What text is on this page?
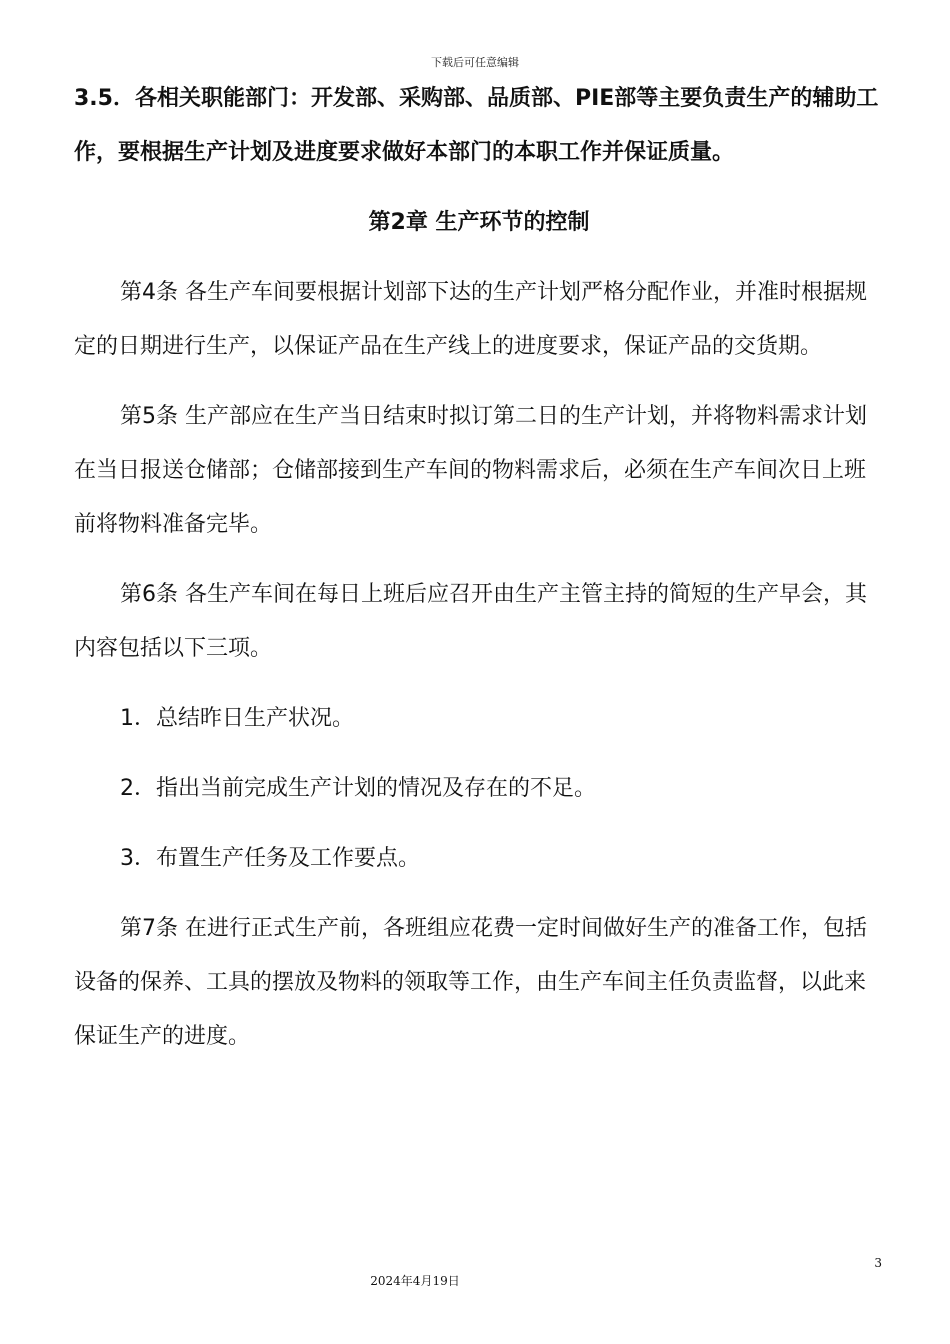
下载后可任意编辑

3.5．各相关职能部门：开发部、采购部、品质部、PIE部等主要负责生产的辅助工作，要根据生产计划及进度要求做好本部门的本职工作并保证质量。

第2章 生产环节的控制

第4条 各生产车间要根据计划部下达的生产计划严格分配作业，并准时根据规定的日期进行生产，以保证产品在生产线上的进度要求，保证产品的交货期。

第5条 生产部应在生产当日结束时拟订第二日的生产计划，并将物料需求计划在当日报送仓储部；仓储部接到生产车间的物料需求后，必须在生产车间次日上班前将物料准备完毕。

第6条 各生产车间在每日上班后应召开由生产主管主持的简短的生产早会，其内容包括以下三项。

1．总结昨日生产状况。
2．指出当前完成生产计划的情况及存在的不足。
3．布置生产任务及工作要点。

第7条 在进行正式生产前，各班组应花费一定时间做好生产的准备工作，包括设备的保养、工具的摆放及物料的领取等工作，由生产车间主任负责监督，以此来保证生产的进度。

3
2024年4月19日
